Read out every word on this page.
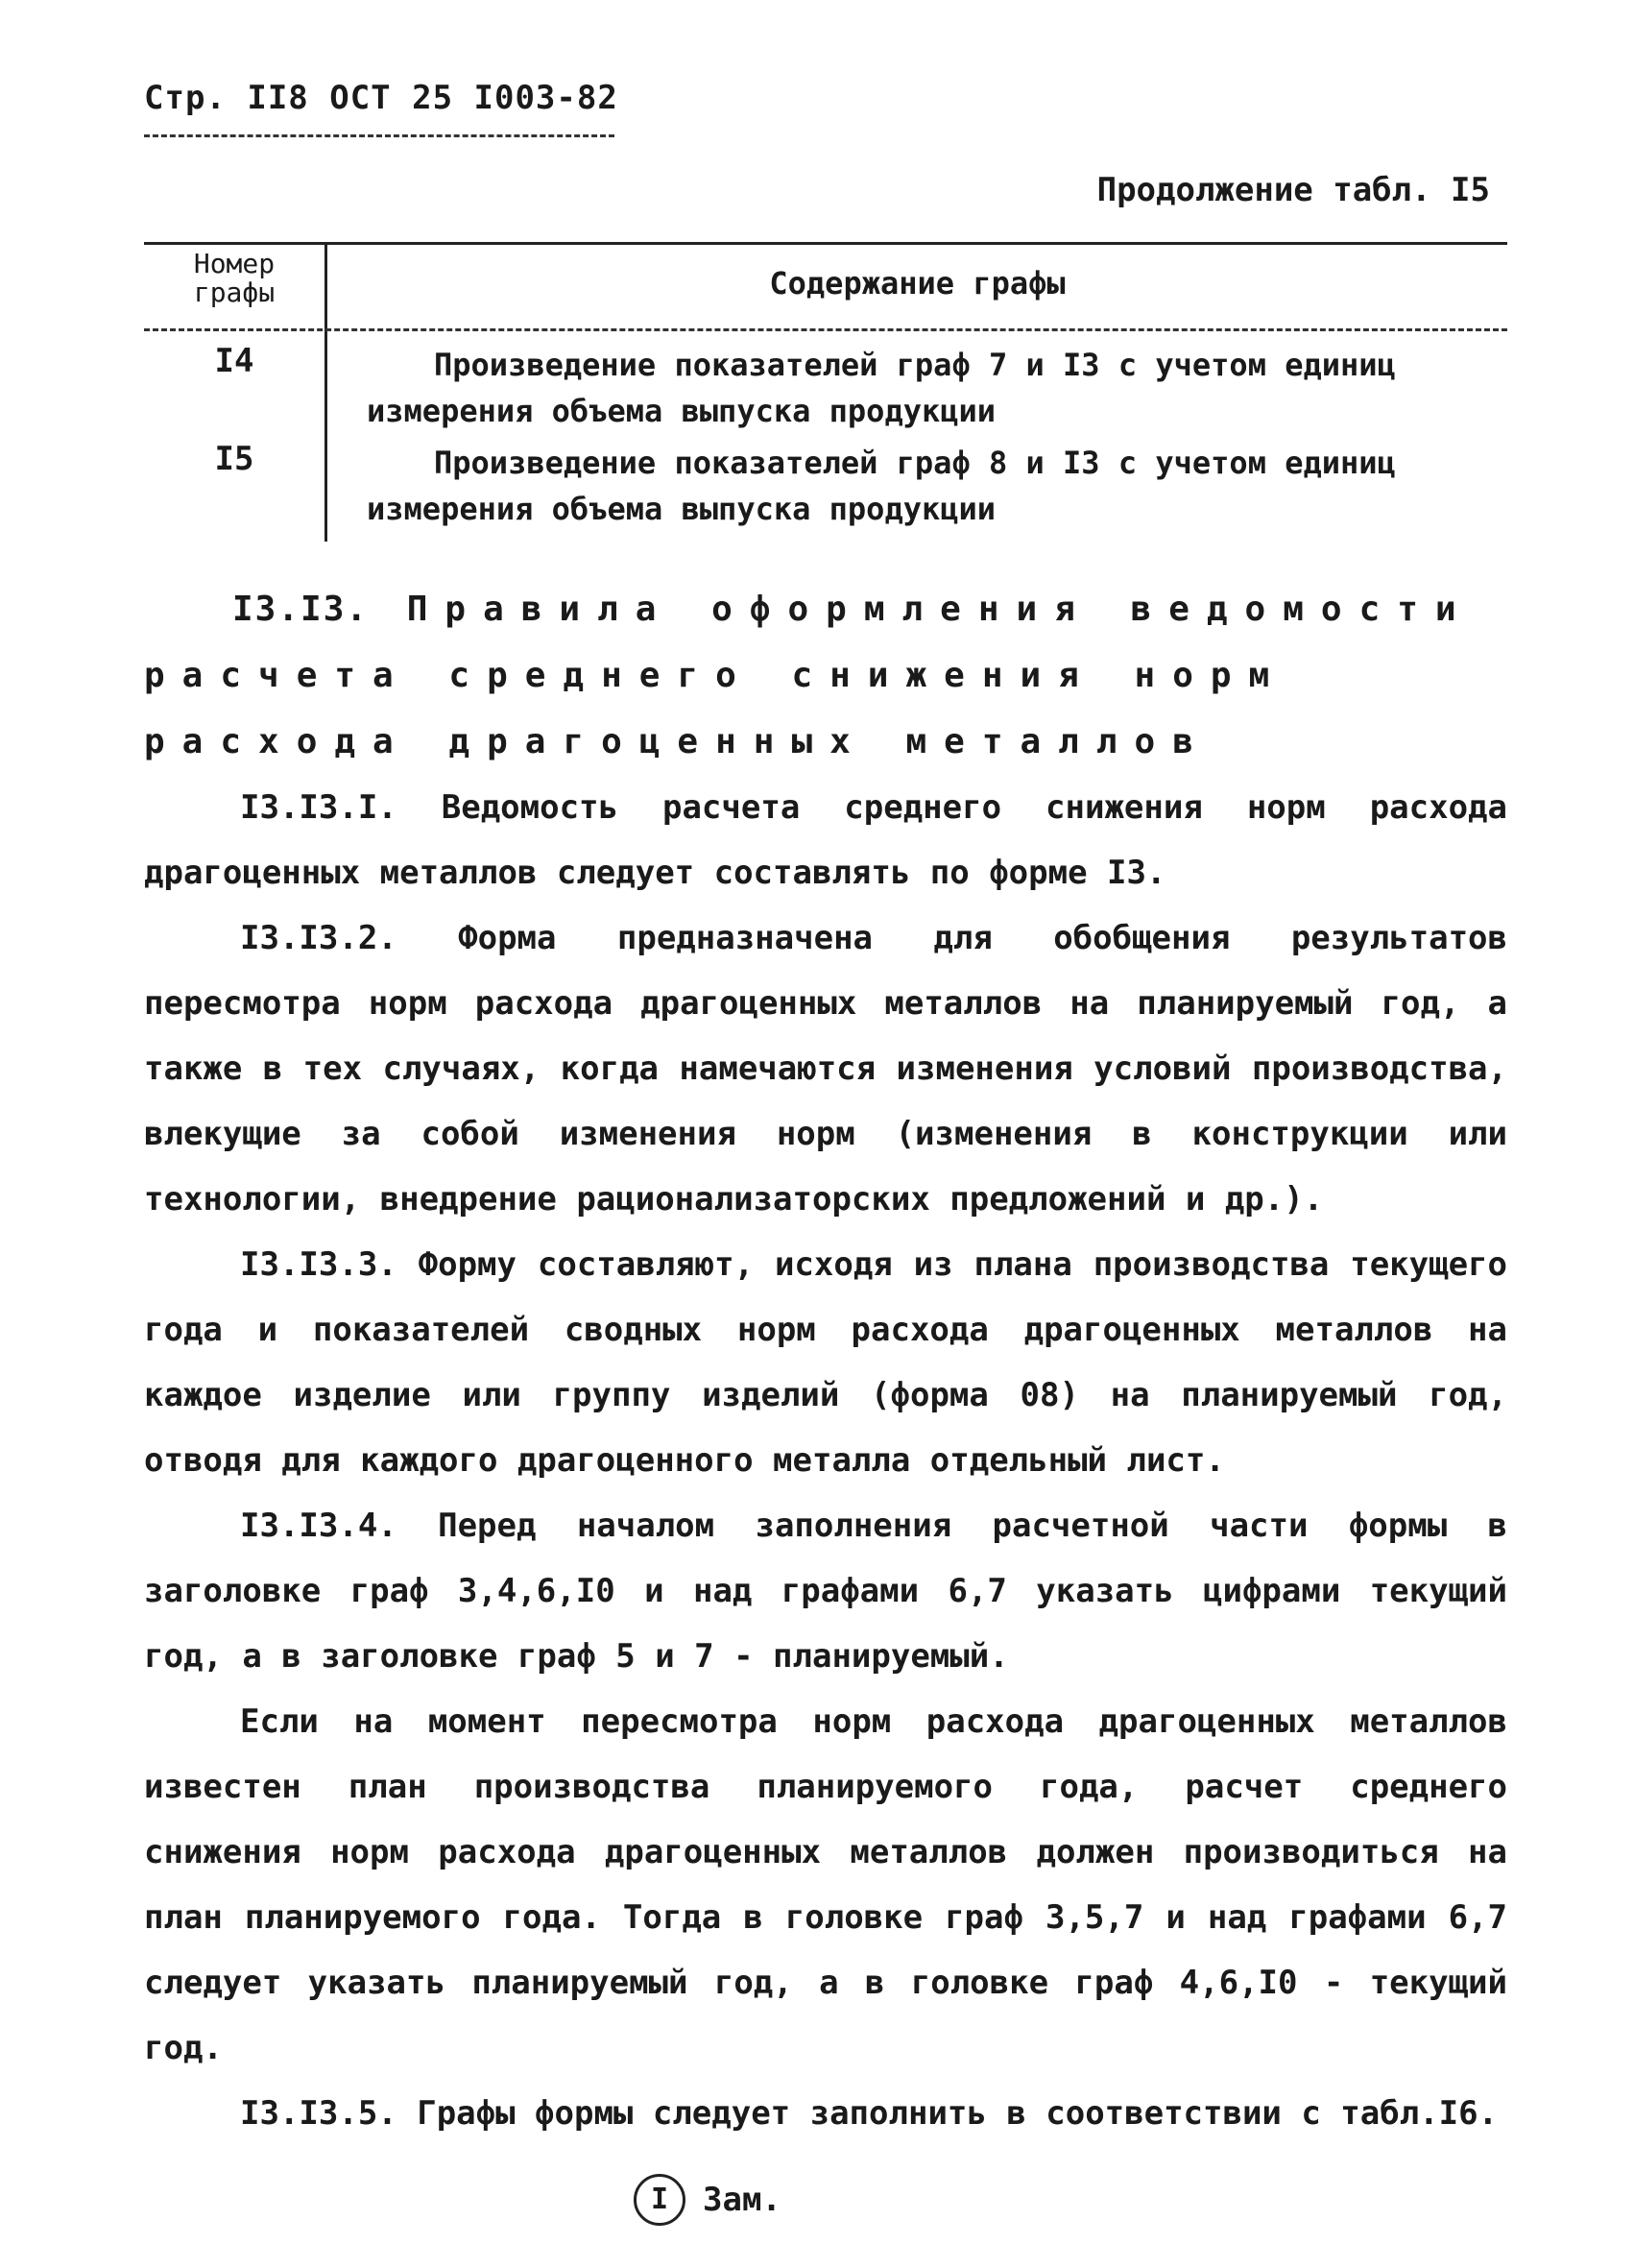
Стр. II8 ОСТ 25 I003-82
Продолжение табл. I5
Номер
графы	Содержание графы
I4	Произведение показателей граф 7 и I3 с учетом единиц измерения объема выпуска продукции
I5	Произведение показателей граф 8 и I3 с учетом единиц измерения объема выпуска продукции

I3.I3. Правила оформления ведомости расчета среднего снижения норм расхода драгоценных металлов

I3.I3.I. Ведомость расчета среднего снижения норм расхода драгоценных металлов следует составлять по форме I3.

I3.I3.2. Форма предназначена для обобщения результатов пересмотра норм расхода драгоценных металлов на планируемый год, а также в тех случаях, когда намечаются изменения условий производства, влекущие за собой изменения норм (изменения в конструкции или технологии, внедрение рационализаторских предложений и др.).

I3.I3.3. Форму составляют, исходя из плана производства текущего года и показателей сводных норм расхода драгоценных металлов на каждое изделие или группу изделий (форма 08) на планируемый год, отводя для каждого драгоценного металла отдельный лист.

I3.I3.4. Перед началом заполнения расчетной части формы в заголовке граф 3,4,6,I0 и над графами 6,7 указать цифрами текущий год, а в заголовке граф 5 и 7 - планируемый.

Если на момент пересмотра норм расхода драгоценных металлов известен план производства планируемого года, расчет среднего снижения норм расхода драгоценных металлов должен производиться на план планируемого года. Тогда в головке граф 3,5,7 и над графами 6,7 следует указать планируемый год, а в головке граф 4,6,I0 - текущий год.

I3.I3.5. Графы формы следует заполнить в соответствии с табл.I6.

I	Зам.
